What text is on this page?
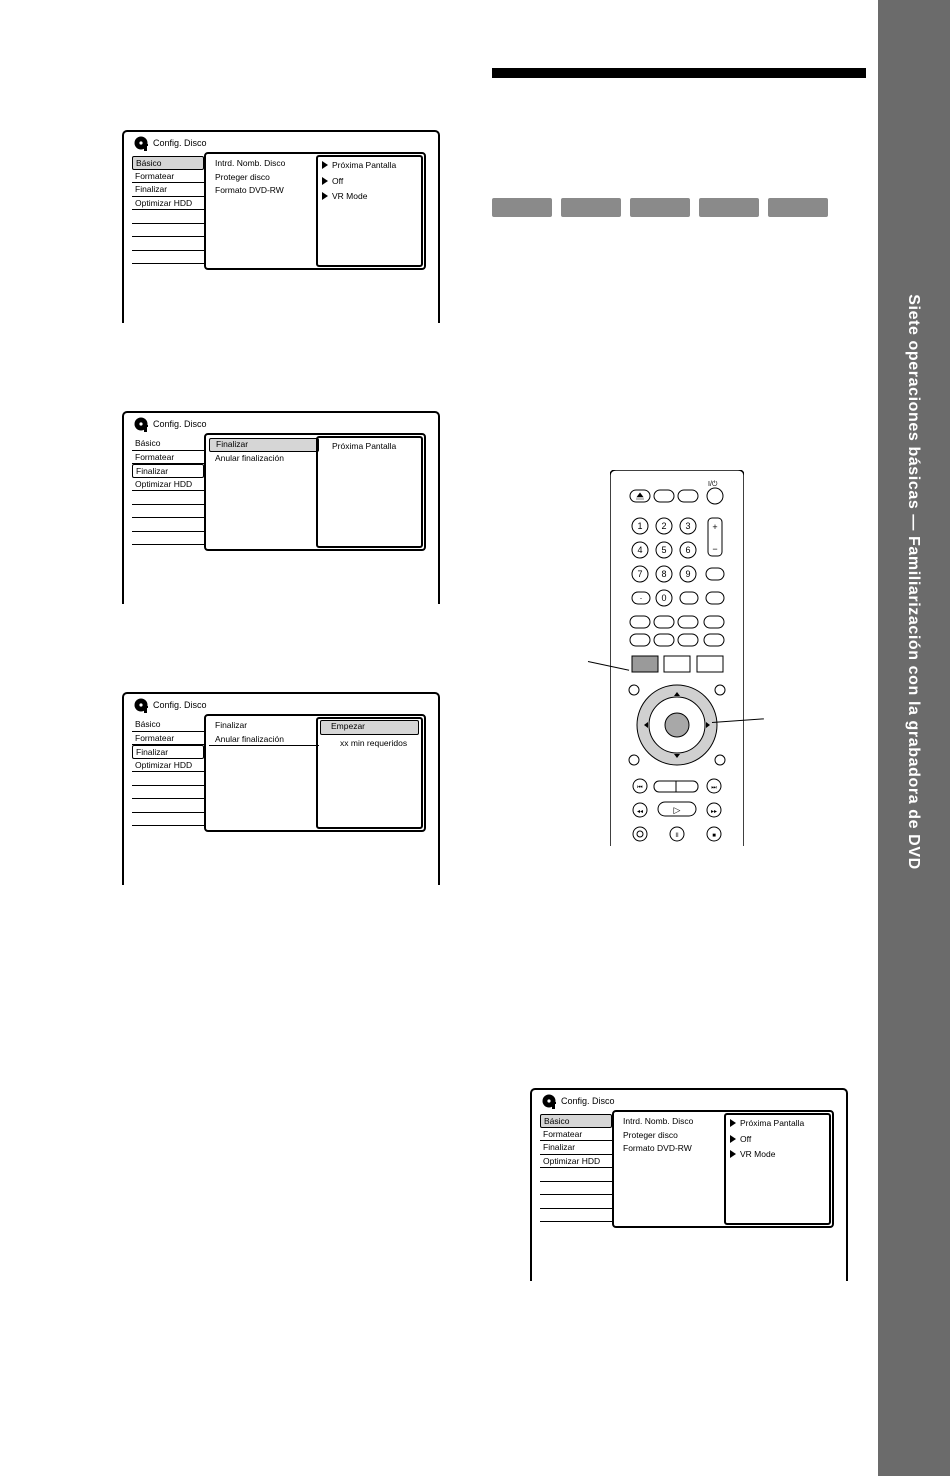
Siete operaciones básicas — Familiarización con la grabadora de DVD
Config. Disco
Básico
Formatear
Finalizar
Optimizar HDD
Intrd. Nomb. Disco
Proteger disco
Formato DVD-RW
Próxima Pantalla
Off
VR Mode
Config. Disco
Básico
Formatear
Finalizar
Optimizar HDD
Finalizar
Anular finalización
Próxima Pantalla
Config. Disco
Básico
Formatear
Finalizar
Optimizar HDD
Finalizar
Anular finalización
Empezar
xx min requeridos
Config. Disco
Básico
Formatear
Finalizar
Optimizar HDD
Intrd. Nomb. Disco
Proteger disco
Formato DVD-RW
Próxima Pantalla
Off
VR Mode
I/⏻
1 2 3
4 5 6
7 8 9
· 0
+
−
⏮	⏭
◂◂	▷	▸▸
II	■
